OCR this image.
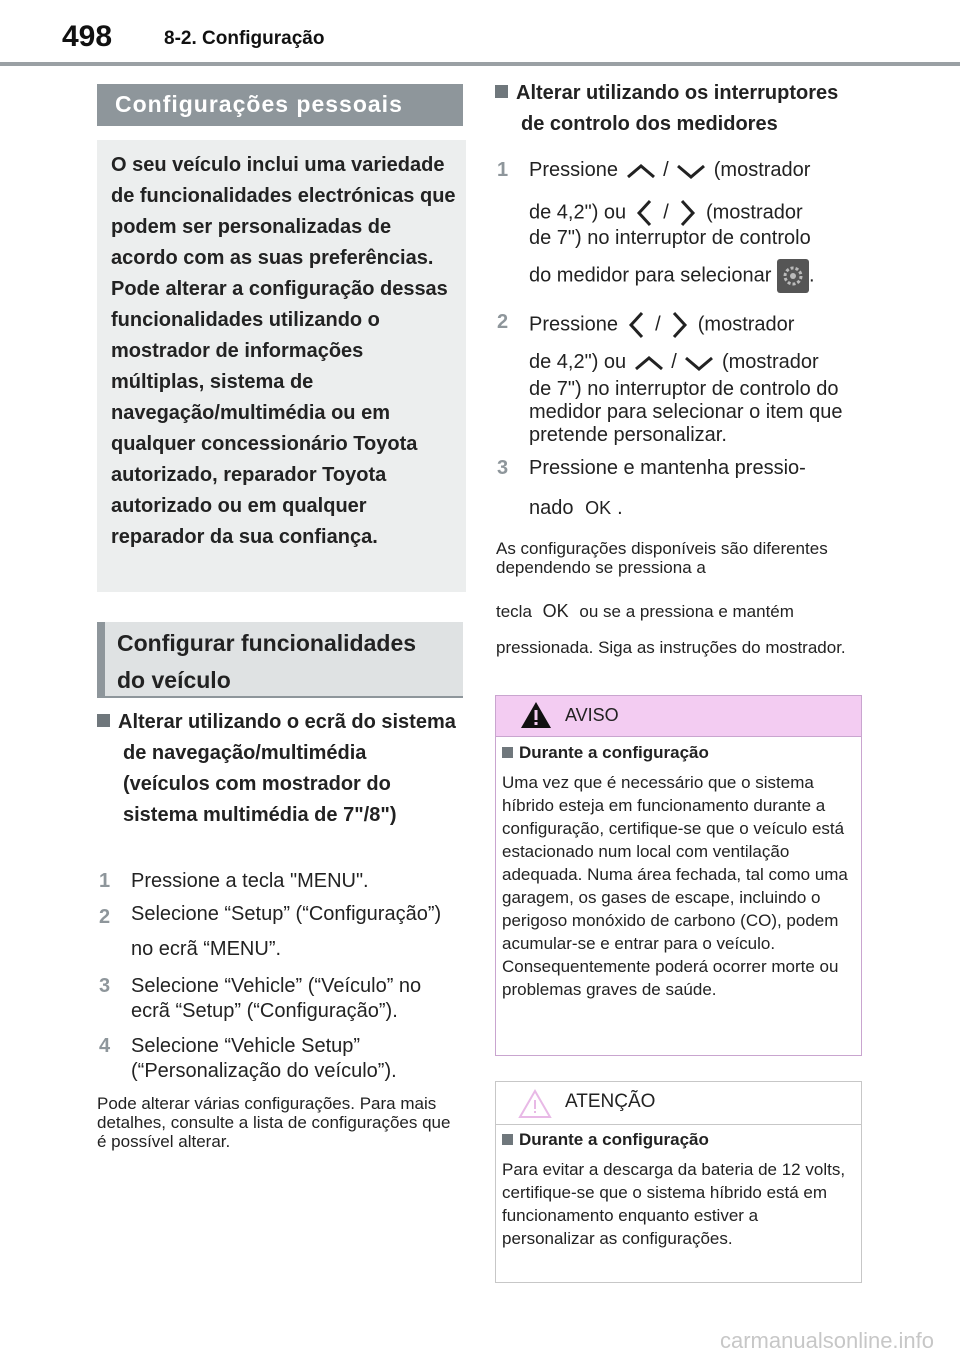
498	8-2. Configuração
Configurações pessoais

O seu veículo inclui uma variedade de funcionalidades electrónicas que podem ser personalizadas de acordo com as suas preferências. Pode alterar a configuração dessas funcionalidades utilizando o mostrador de informações múltiplas, sistema de navegação/multimédia ou em qualquer concessionário Toyota autorizado, reparador Toyota autorizado ou em qualquer reparador da sua confiança.

Configurar funcionalidades
do veículo

Alterar utilizando o ecrã do sistema de navegação/multimédia (veículos com mostrador do sistema multimédia de 7"/8")

1 Pressione a tecla "MENU".
2 Selecione “Setup” (“Configuração”) no ecrã “MENU”.
3 Selecione “Vehicle” (“Veículo” no ecrã “Setup” (“Configuração”).
4 Selecione “Vehicle Setup” (“Personalização do veículo”).
Pode alterar várias configurações. Para mais detalhes, consulte a lista de configurações que é possível alterar.

Alterar utilizando os interruptores de controlo dos medidores

1 Pressione / (mostrador
de 4,2") ou / (mostrador
de 7") no interruptor de controlo
do medidor para selecionar .
2 Pressione / (mostrador
de 4,2") ou / (mostrador
de 7") no interruptor de controlo do medidor para selecionar o item que pretende personalizar.
3 Pressione e mantenha pressio-
nado OK .
As configurações disponíveis são diferentes dependendo se pressiona a
tecla OK ou se a pressiona e mantém
pressionada. Siga as instruções do mostrador.
AVISO
Durante a configuração

Uma vez que é necessário que o sistema híbrido esteja em funcionamento durante a configuração, certifique-se que o veículo está estacionado num local com ventilação adequada. Numa área fechada, tal como uma garagem, os gases de escape, incluindo o perigoso monóxido de carbono (CO), podem acumular-se e entrar para o veículo. Consequentemente poderá ocorrer morte ou problemas graves de saúde.

ATENÇÃO
Durante a configuração

Para evitar a descarga da bateria de 12 volts, certifique-se que o sistema híbrido está em funcionamento enquanto estiver a personalizar as configurações.

carmanualsonline.info
